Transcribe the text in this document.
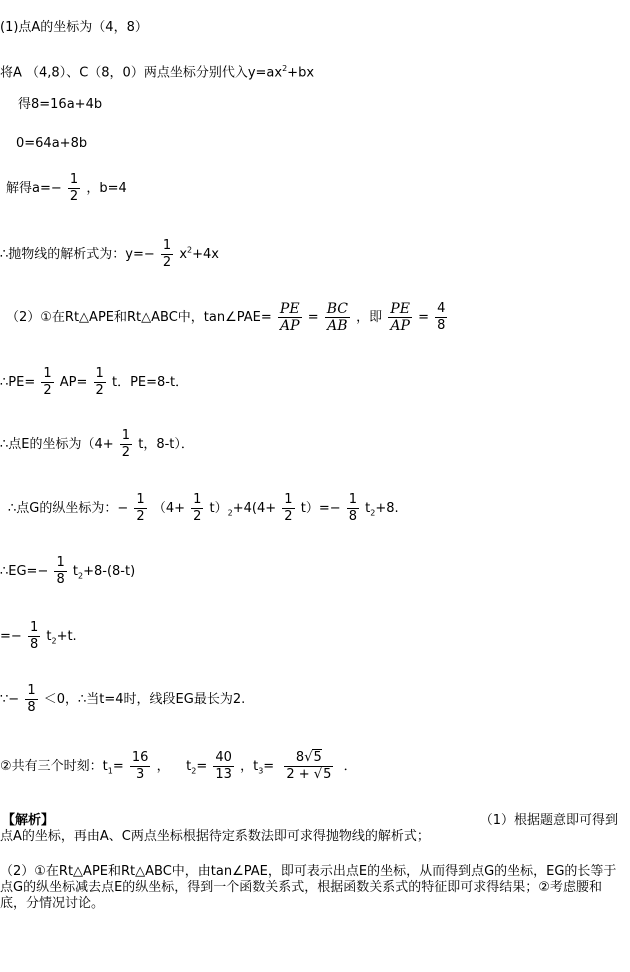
(1)点A的坐标为（4，8）
将A （4,8）、C（8，0）两点坐标分别代入$y=ax^2+bx$
得8=16a+4b
0=64a+8b
解得$a=- \frac{1}{2}$ ，b=4
∴抛物线的解析式为：$y=- \frac{1}{2} x^2+4x$
（2）①在Rt△APE和Rt△ABC中，tan∠PAE= $\frac{PE}{AP} = \frac{BC}{AB}$ ，即 $\frac{PE}{AP} = \frac{4}{8}$
∴PE= $\frac{1}{2} AP= \frac{1}{2}$ t．PE=8-t．
∴点E的坐标为（$4+ \frac{1}{2}$ t，8-t）．
∴点G的纵坐标为：− $\frac{1}{2} (4+ \frac{1}{2} t)_2+4(4+ \frac{1}{2} t)=- \frac{1}{8} t_2+8$.
∴EG=− $\frac{1}{8} t_2+8-(8-t)$
=− $\frac{1}{8} t_2+t$.
∵− $\frac{1}{8} <0$，∴当t=4时，线段EG最长为2.
②共有三个时刻：$t_1= \frac{16}{3}$ ， $t_2= \frac{40}{13}$ ，$t_3= \frac{8√5}{2 + √5}$ ．
【解析】	（1）根据题意即可得到
点A的坐标，再由A、C两点坐标根据待定系数法即可求得抛物线的解析式；
（2）①在Rt△APE和Rt△ABC中，由tan∠PAE，即可表示出点E的坐标，从而得到点G的坐标，EG的长等于点G的纵坐标减去点E的纵坐标，得到一个函数关系式，根据函数关系式的特征即可求得结果；②考虑腰和底，分情况讨论。
